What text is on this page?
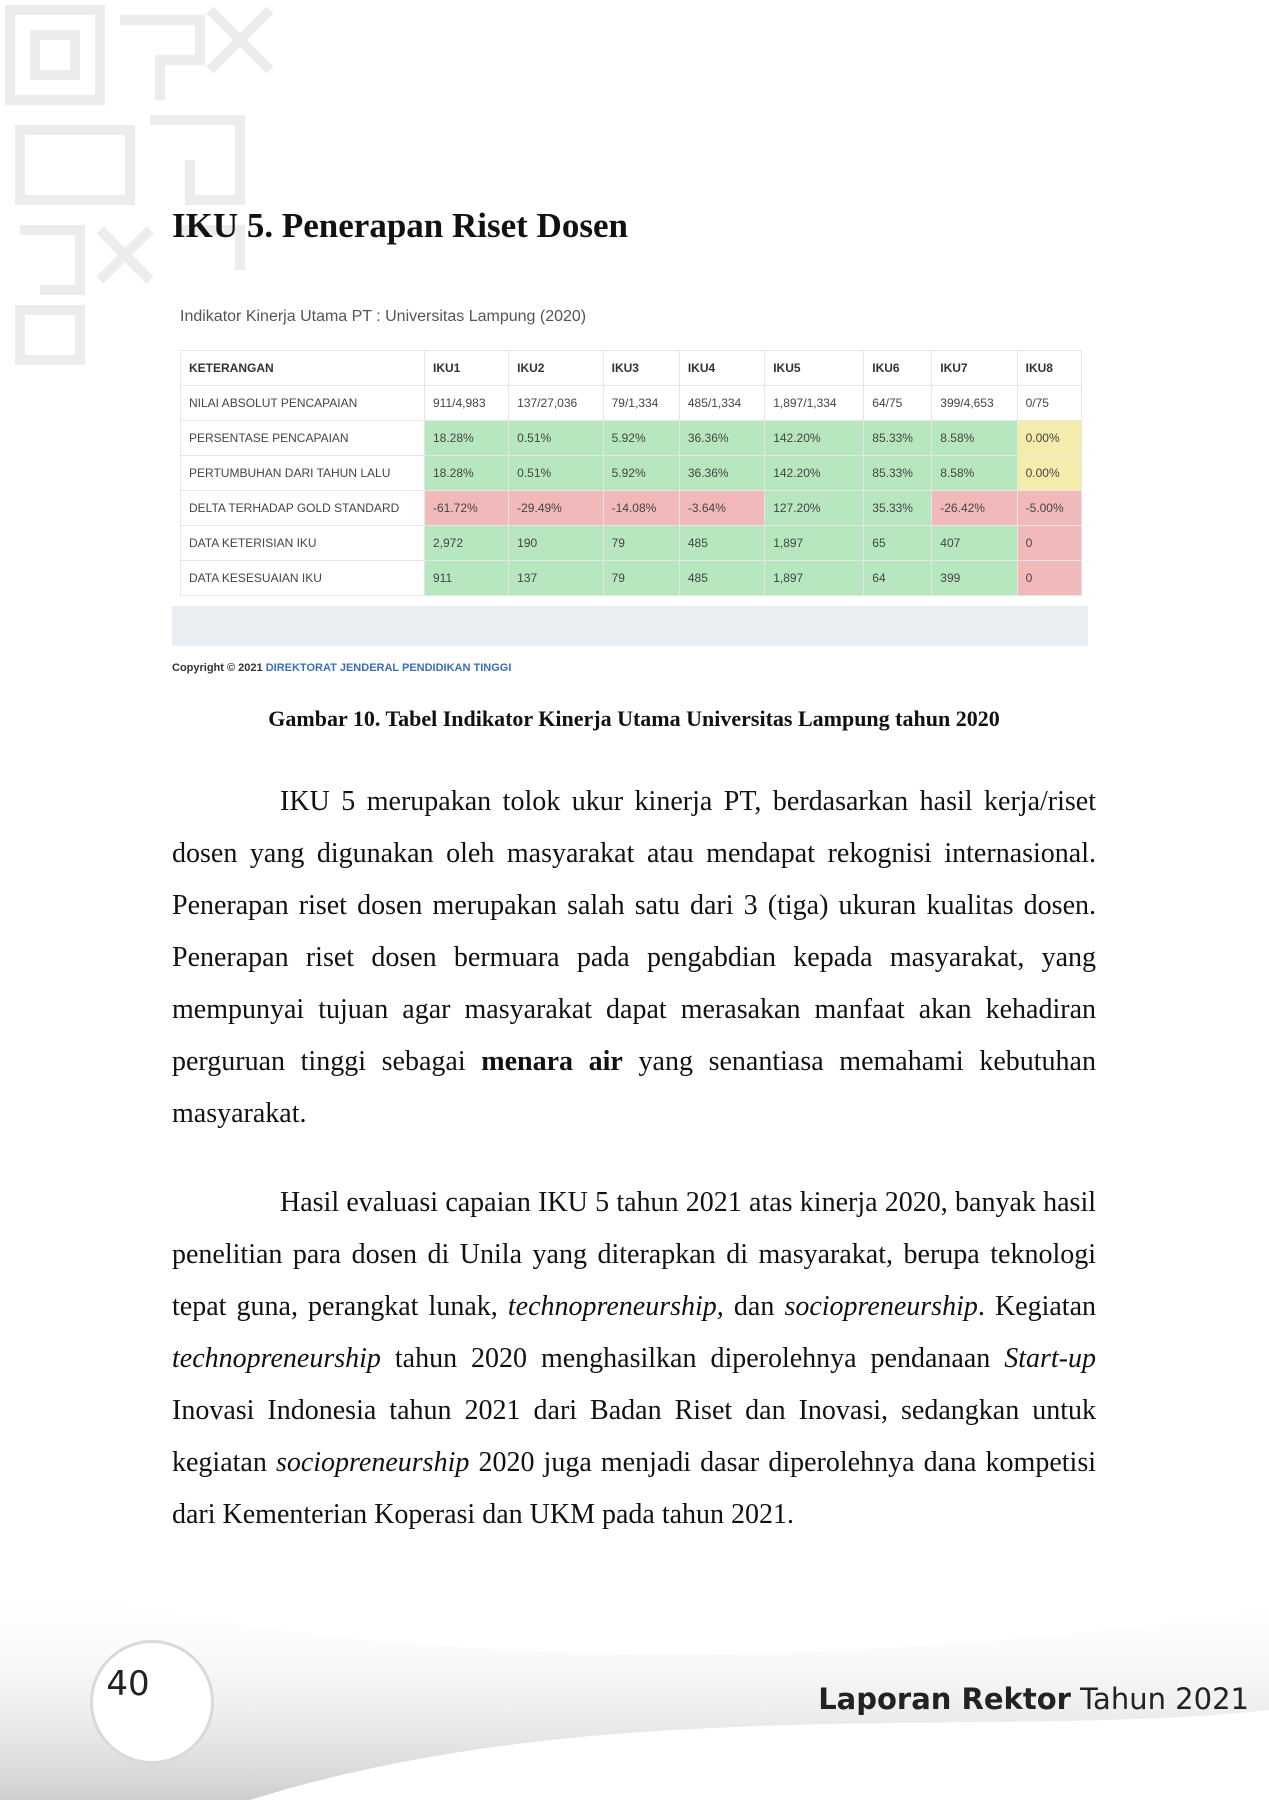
IKU 5. Penerapan Riset Dosen
Indikator Kinerja Utama PT : Universitas Lampung (2020)
KETERANGAN	IKU1	IKU2	IKU3	IKU4	IKU5	IKU6	IKU7	IKU8
NILAI ABSOLUT PENCAPAIAN	911/4,983	137/27,036	79/1,334	485/1,334	1,897/1,334	64/75	399/4,653	0/75
PERSENTASE PENCAPAIAN	18.28%	0.51%	5.92%	36.36%	142.20%	85.33%	8.58%	0.00%
PERTUMBUHAN DARI TAHUN LALU	18.28%	0.51%	5.92%	36.36%	142.20%	85.33%	8.58%	0.00%
DELTA TERHADAP GOLD STANDARD	-61.72%	-29.49%	-14.08%	-3.64%	127.20%	35.33%	-26.42%	-5.00%
DATA KETERISIAN IKU	2,972	190	79	485	1,897	65	407	0
DATA KESESUAIAN IKU	911	137	79	485	1,897	64	399	0
Copyright © 2021 DIREKTORAT JENDERAL PENDIDIKAN TINGGI
Gambar 10. Tabel Indikator Kinerja Utama Universitas Lampung tahun 2020

IKU 5 merupakan tolok ukur kinerja PT, berdasarkan hasil kerja/riset dosen yang digunakan oleh masyarakat atau mendapat rekognisi internasional. Penerapan riset dosen merupakan salah satu dari 3 (tiga) ukuran kualitas dosen. Penerapan riset dosen bermuara pada pengabdian kepada masyarakat, yang mempunyai tujuan agar masyarakat dapat merasakan manfaat akan kehadiran perguruan tinggi sebagai menara air yang senantiasa memahami kebutuhan masyarakat.

Hasil evaluasi capaian IKU 5 tahun 2021 atas kinerja 2020, banyak hasil penelitian para dosen di Unila yang diterapkan di masyarakat, berupa teknologi tepat guna, perangkat lunak, technopreneurship, dan sociopreneurship. Kegiatan technopreneurship tahun 2020 menghasilkan diperolehnya pendanaan Start-up Inovasi Indonesia tahun 2021 dari Badan Riset dan Inovasi, sedangkan untuk kegiatan sociopreneurship 2020 juga menjadi dasar diperolehnya dana kompetisi dari Kementerian Koperasi dan UKM pada tahun 2021.

40	Laporan Rektor Tahun 2021
